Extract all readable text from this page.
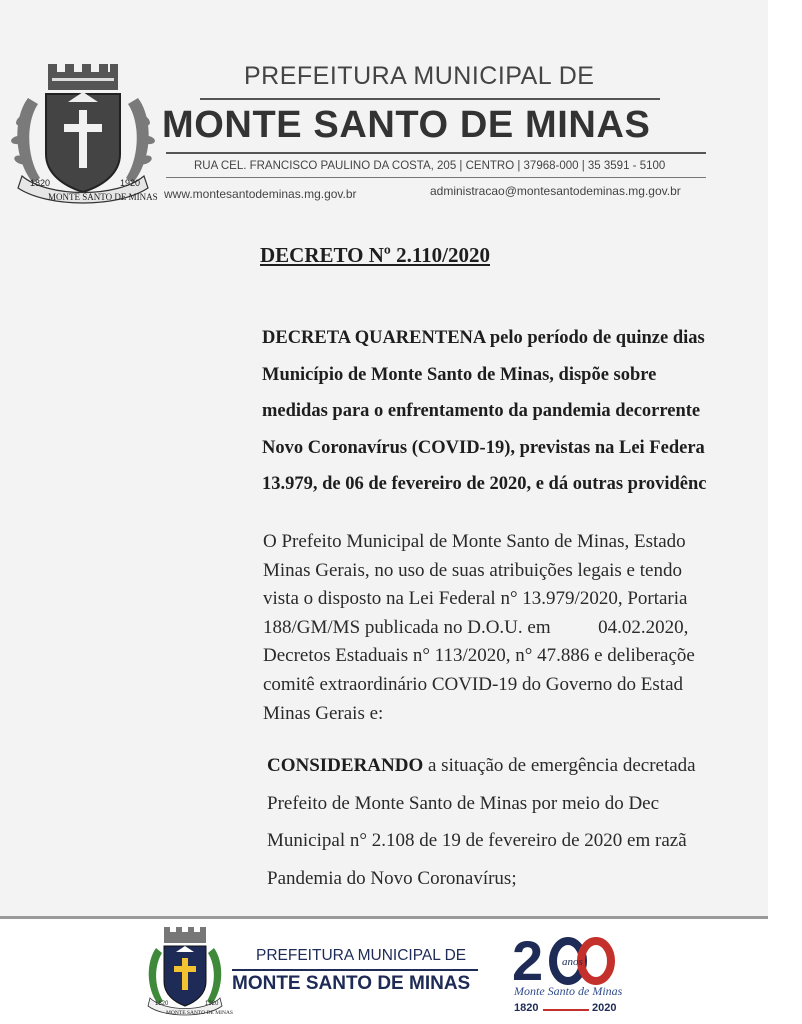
1820	1920
MONTE SANTO DE MINAS
PREFEITURA MUNICIPAL DE
MONTE SANTO DE MINAS
RUA CEL. FRANCISCO PAULINO DA COSTA, 205 | CENTRO | 37968-000 | 35 3591 - 5100
www.montesantodeminas.mg.gov.br	administracao@montesantodeminas.mg.gov.br
DECRETO Nº 2.110/2020
DECRETA QUARENTENA pelo período de quinze dias
Município de Monte Santo de Minas, dispõe sobre
medidas para o enfrentamento da pandemia decorrente
Novo Coronavírus (COVID-19), previstas na Lei Federa
13.979, de 06 de fevereiro de 2020, e dá outras providênc
O Prefeito Municipal de Monte Santo de Minas, Estado
Minas Gerais, no uso de suas atribuições legais e tendo
vista o disposto na Lei Federal n° 13.979/2020, Portaria
188/GM/MS publicada no D.O.U. em          04.02.2020,
Decretos Estaduais n° 113/2020, n° 47.886 e deliberaçõe
comitê extraordinário COVID-19 do Governo do Estad
Minas Gerais e:
CONSIDERANDO a situação de emergência decretada
Prefeito de Monte Santo de Minas por meio do Dec
Municipal n° 2.108 de 19 de fevereiro de 2020 em razã
Pandemia do Novo Coronavírus;
1820	1920
MONTE SANTO DE MINAS
PREFEITURA MUNICIPAL DE
MONTE SANTO DE MINAS 2 anos
Monte Santo de Minas
1820	2020
